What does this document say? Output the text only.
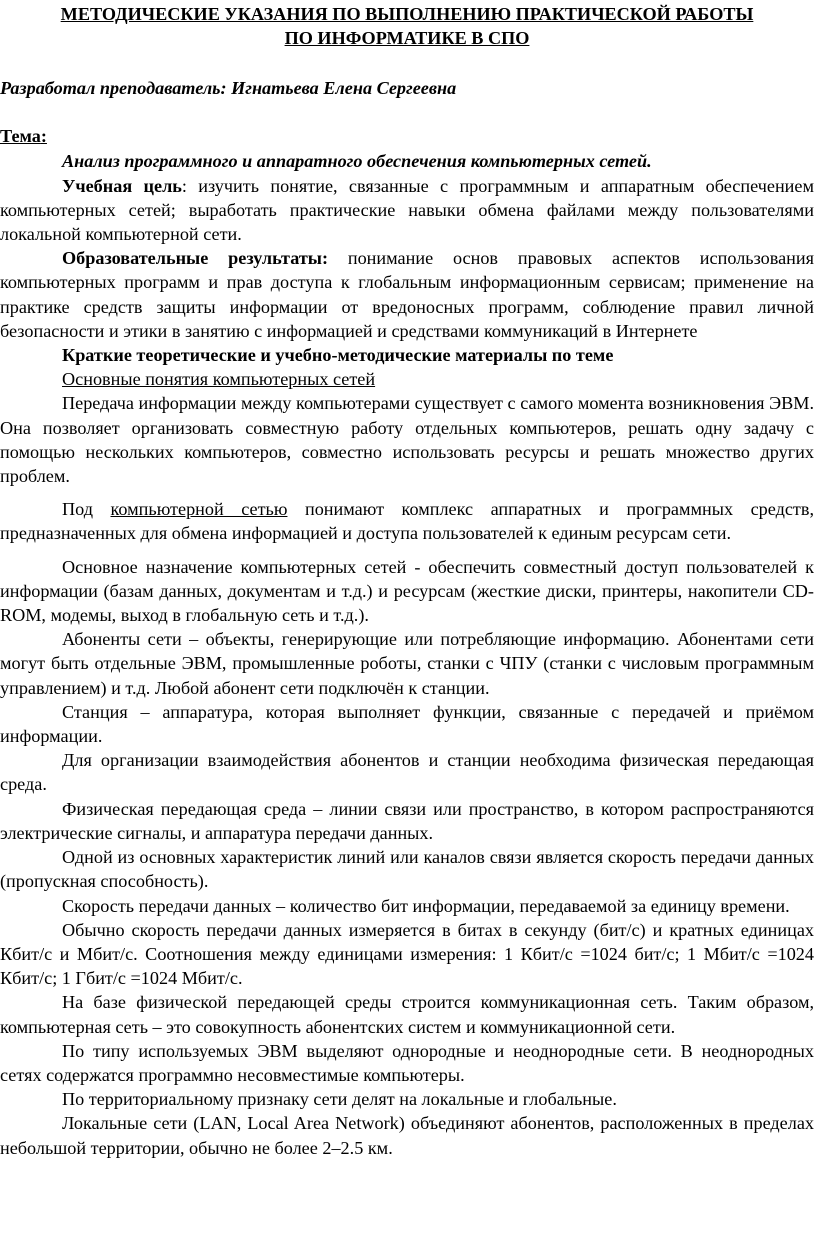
МЕТОДИЧЕСКИЕ УКАЗАНИЯ ПО ВЫПОЛНЕНИЮ ПРАКТИЧЕСКОЙ РАБОТЫ

ПО ИНФОРМАТИКЕ В СПО

Разработал преподаватель: Игнатьева Елена Сергеевна

Тема:

Анализ программного и аппаратного обеспечения компьютерных сетей.

Учебная цель: изучить понятие, связанные с программным и аппаратным обеспечением компьютерных сетей; выработать практические навыки обмена файлами между пользователями локальной компьютерной сети.

Образовательные результаты: понимание основ правовых аспектов использования компьютерных программ и прав доступа к глобальным информационным сервисам; применение на практике средств защиты информации от вредоносных программ, соблюдение правил личной безопасности и этики в занятию с информацией и средствами коммуникаций в Интернете

Краткие теоретические и учебно-методические материалы по теме

Основные понятия компьютерных сетей

Передача информации между компьютерами существует с самого момента возникновения ЭВМ. Она позволяет организовать совместную работу отдельных компьютеров, решать одну задачу с помощью нескольких компьютеров, совместно использовать ресурсы и решать множество других проблем.

Под компьютерной сетью понимают комплекс аппаратных и программных средств, предназначенных для обмена информацией и доступа пользователей к единым ресурсам сети.

Основное назначение компьютерных сетей - обеспечить совместный доступ пользователей к информации (базам данных, документам и т.д.) и ресурсам (жесткие диски, принтеры, накопители CD-ROM, модемы, выход в глобальную сеть и т.д.).

Абоненты сети – объекты, генерирующие или потребляющие информацию. Абонентами сети могут быть отдельные ЭВМ, промышленные роботы, станки с ЧПУ (станки с числовым программным управлением) и т.д. Любой абонент сети подключён к станции.

Станция – аппаратура, которая выполняет функции, связанные с передачей и приёмом информации.

Для организации взаимодействия абонентов и станции необходима физическая передающая среда.

Физическая передающая среда – линии связи или пространство, в котором распространяются электрические сигналы, и аппаратура передачи данных.

Одной из основных характеристик линий или каналов связи является скорость передачи данных (пропускная способность).

Скорость передачи данных – количество бит информации, передаваемой за единицу времени.

Обычно скорость передачи данных измеряется в битах в секунду (бит/с) и кратных единицах Кбит/с и Мбит/с. Соотношения между единицами измерения: 1 Кбит/с =1024 бит/с; 1 Мбит/с =1024 Кбит/с; 1 Гбит/с =1024 Мбит/с.

На базе физической передающей среды строится коммуникационная сеть. Таким образом, компьютерная сеть – это совокупность абонентских систем и коммуникационной сети.

По типу используемых ЭВМ выделяют однородные и неоднородные сети. В неоднородных сетях содержатся программно несовместимые компьютеры.

По территориальному признаку сети делят на локальные и глобальные.

Локальные сети (LAN, Local Area Network) объединяют абонентов, расположенных в пределах небольшой территории, обычно не более 2–2.5 км.
